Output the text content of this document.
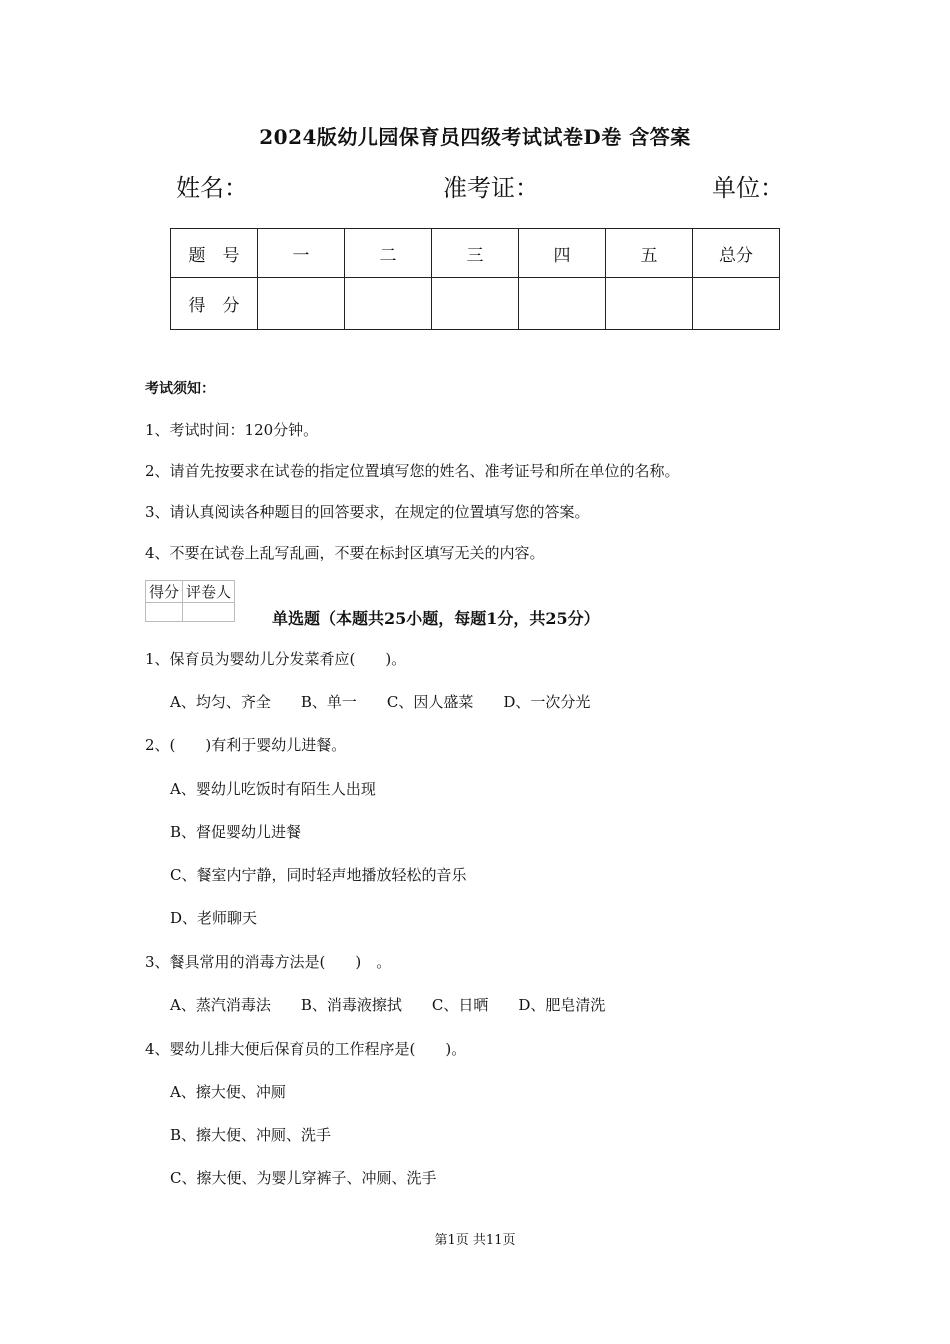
2024版幼儿园保育员四级考试试卷D卷 含答案
姓名：	准考证：	单位：
题　号	一	二	三	四	五	总分
得　分						
考试须知：
1、考试时间：120分钟。
2、请首先按要求在试卷的指定位置填写您的姓名、准考证号和所在单位的名称。
3、请认真阅读各种题目的回答要求，在规定的位置填写您的答案。
4、不要在试卷上乱写乱画，不要在标封区填写无关的内容。
得分	评卷人

单选题（本题共25小题，每题1分，共25分）
1、保育员为婴幼儿分发菜肴应(　　)。
A、均匀、齐全　　B、单一　　C、因人盛菜　　D、一次分光
2、(　　)有利于婴幼儿进餐。
A、婴幼儿吃饭时有陌生人出现
B、督促婴幼儿进餐
C、餐室内宁静，同时轻声地播放轻松的音乐
D、老师聊天
3、餐具常用的消毒方法是(　　)　。
A、蒸汽消毒法　　B、消毒液擦拭　　C、日晒　　D、肥皂清洗
4、婴幼儿排大便后保育员的工作程序是(　　)。
A、擦大便、冲厕
B、擦大便、冲厕、洗手
C、擦大便、为婴儿穿裤子、冲厕、洗手
第1页 共11页
